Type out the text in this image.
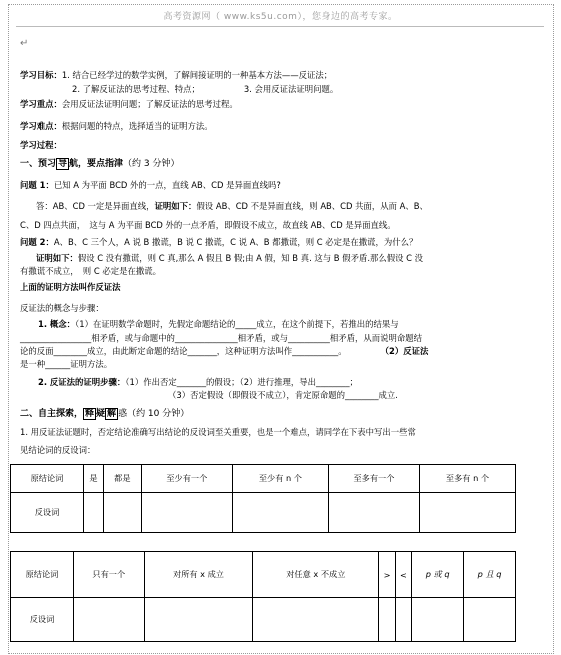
高考资源网（ www.ks5u.com），您身边的高考专家。
↵
学习目标：1. 结合已经学过的数学实例，了解间接证明的一种基本方法——反证法；
2. 了解反证法的思考过程、特点；	3. 会用反证法证明问题。
学习重点：会用反证法证明问题；了解反证法的思考过程。
学习难点：根据问题的特点，选择适当的证明方法。
学习过程：
一、预习 导 航，要点指津（约 3 分钟）
问题 1：已知 A 为平面 BCD 外的一点，直线 AB、CD 是异面直线吗?
答：AB、CD 一定是异面直线，证明如下：假设 AB、CD 不是异面直线，则 AB、CD 共面，从而 A、B、
C、D 四点共面，　这与 A 为平面 BCD 外的一点矛盾，即假设不成立，故直线 AB、CD 是异面直线。
问题 2：A、B、C 三个人，A 说 B 撒谎，B 说 C 撒谎，C 说 A、B 都撒谎，则 C 必定是在撒谎，为什么？
证明如下：假设 C 没有撒谎，则 C 真,那么 A 假且 B 假;由 A 假，知 B 真. 这与 B 假矛盾.那么假设 C 没
有撒谎不成立，　则 C 必定是在撒谎。
上面的证明方法叫作反证法
反证法的概念与步骤：
1. 概念：（1）在证明数学命题时，先假定命题结论的_____成立，在这个前提下，若推出的结果与
_________________相矛盾，或与命题中的_______________相矛盾，或与__________相矛盾，从而说明命题结
论的反面________成立，由此断定命题的结论_______，这种证明方法叫作___________。	（2）反证法
是一种______证明方法。
2. 反证法的证明步骤：（1）作出否定_______的假设；（2）进行推理，导出________；
（3）否定假设（即假设不成立），肯定原命题的________成立.
二、自主探索， 释 疑 解 惑（约 10 分钟）
1. 用反证法证题时，否定结论准确写出结论的反设词至关重要，也是一个难点，请同学在下表中写出一些常
见结论词的反设词：
原结论词	是	都是	至少有一个	至少有 n 个	至多有一个	至多有 n 个
反设词						
原结论词	只有一个	对所有 x 成立	对任意 x 不成立	>	<	p 或 q	p 且 q
反设词							
